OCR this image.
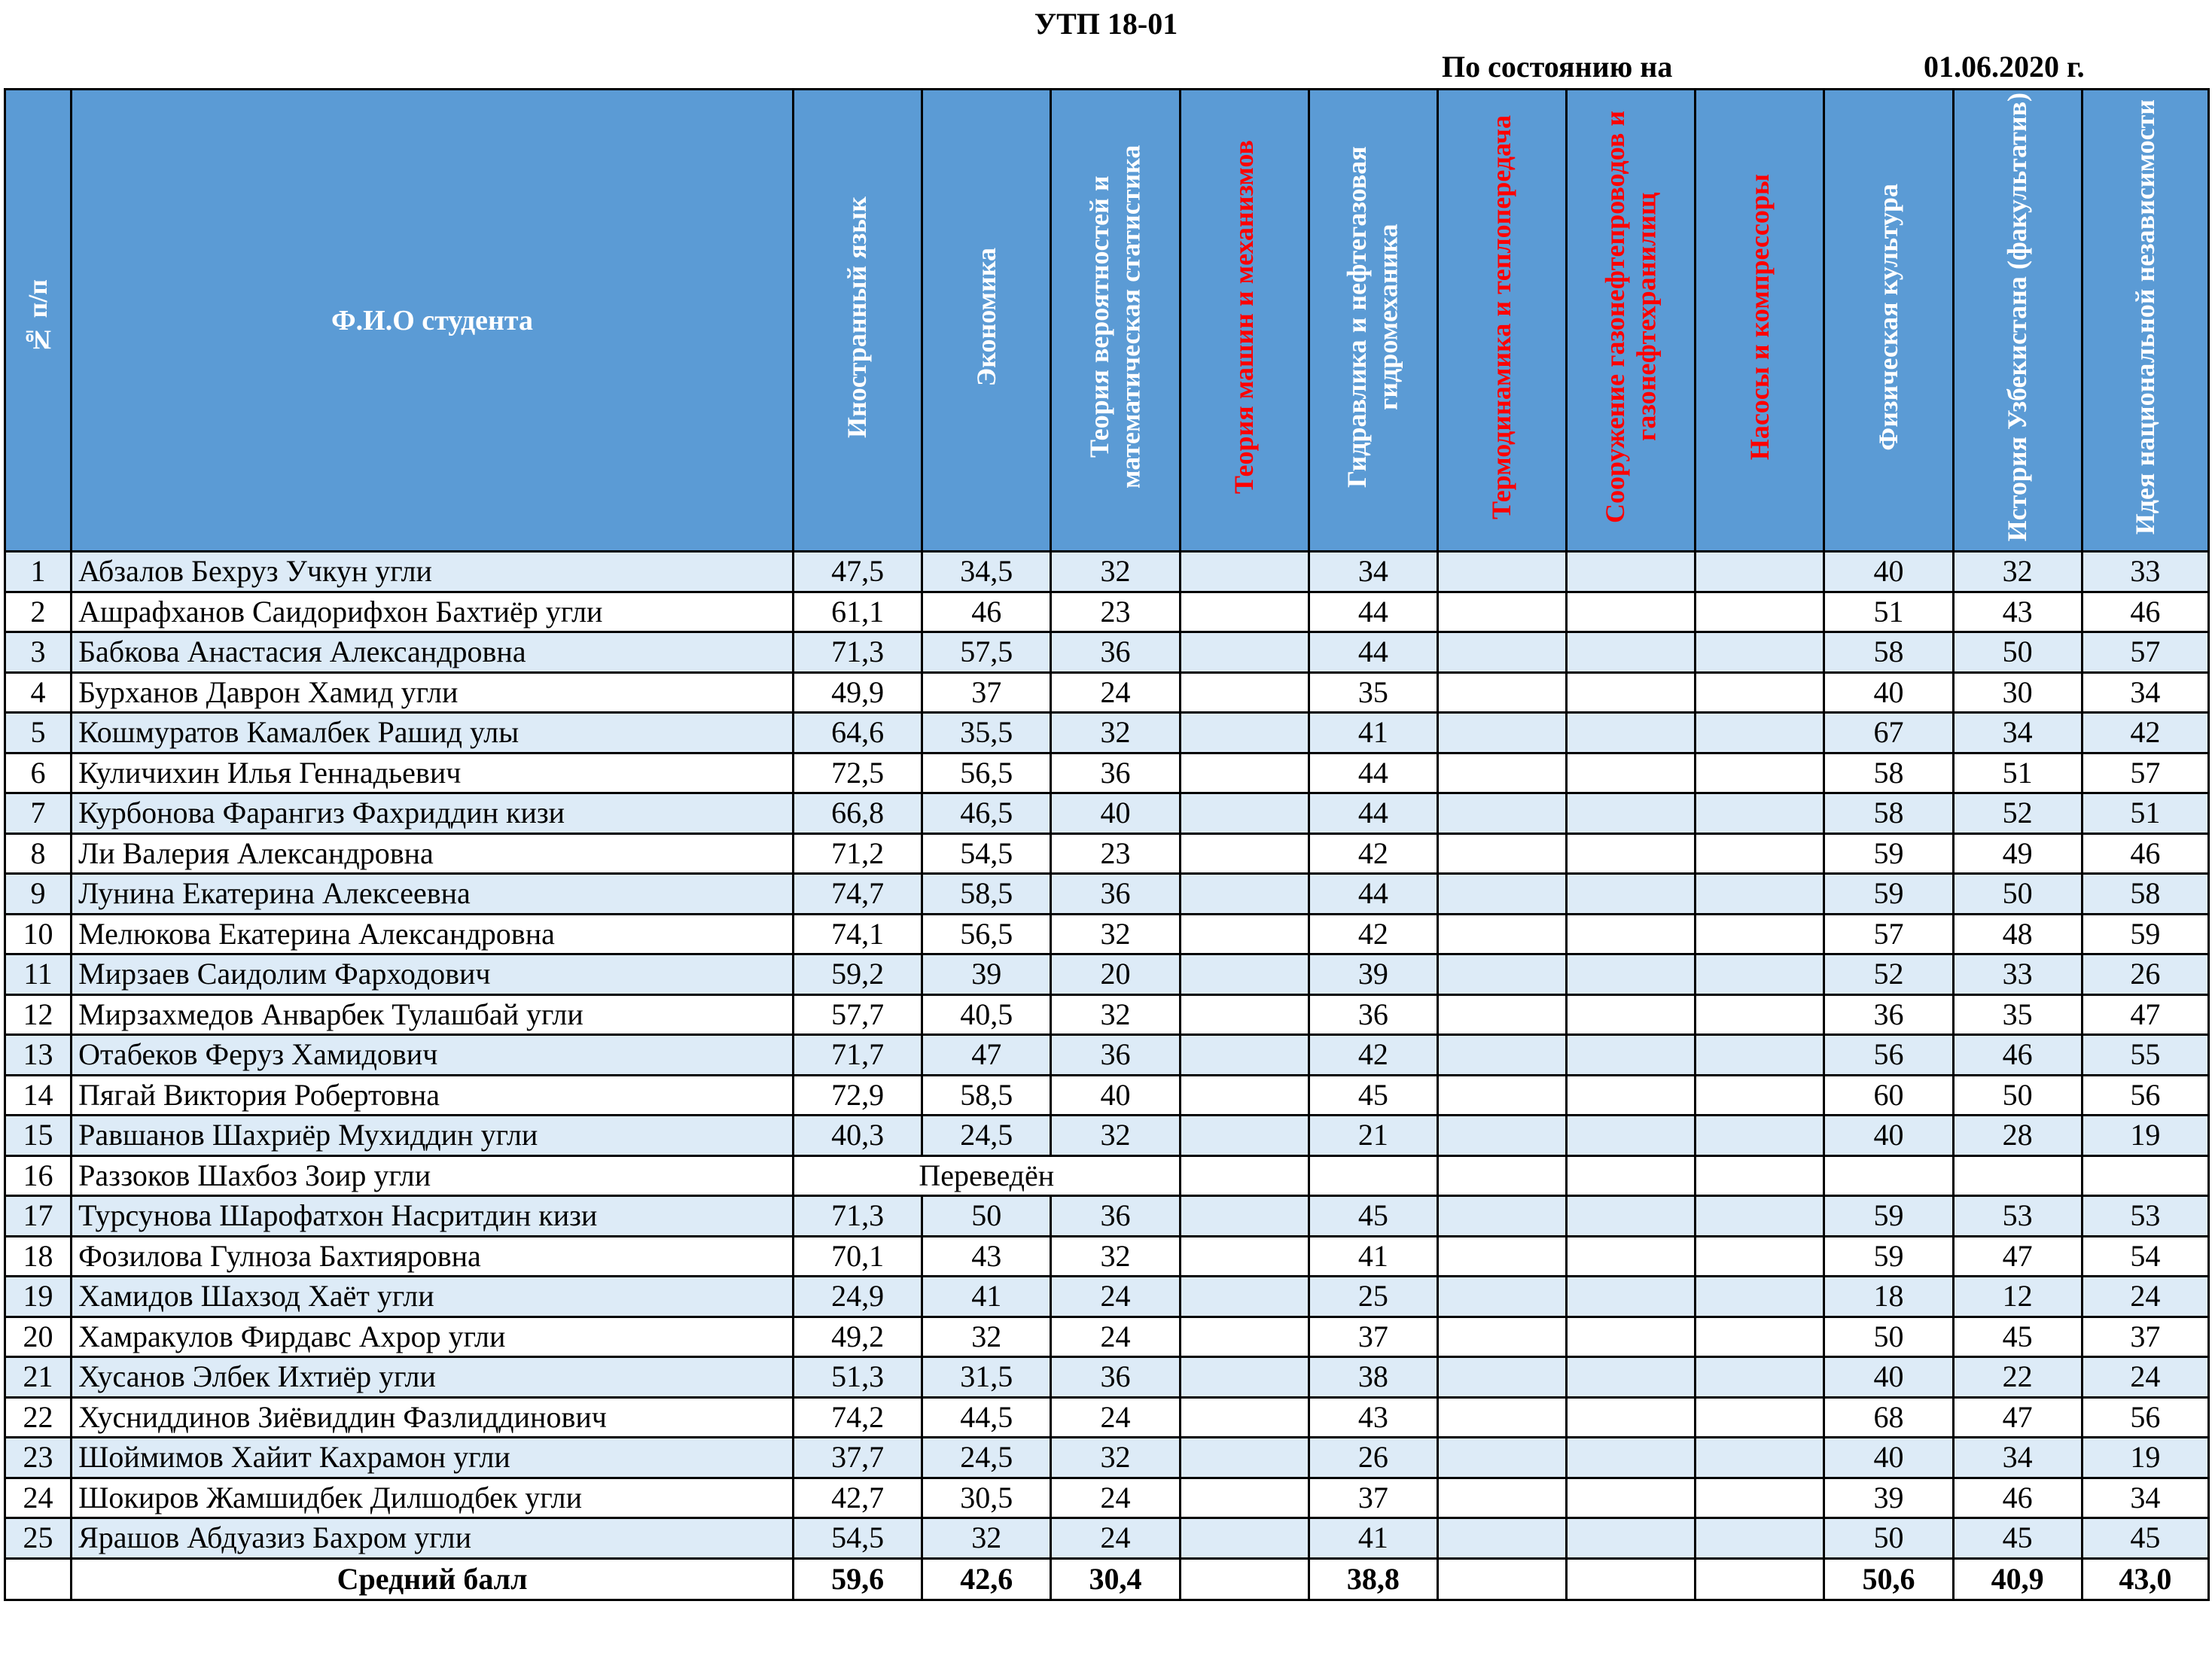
УТП 18-01
По состоянию на	01.06.2020 г.
№ п/п	Ф.И.О студента	Иностранный язык	Экономика	Теория вероятностей и математическая статистика	Теория машин и механизмов	Гидравлика и нефтегазовая гидромеханика	Термодинамика и теплопередача	Сооружение газонефтепроводов и газонефтехранилищ	Насосы и компрессоры	Физическая культура	История Узбекистана (факультатив)	Идея национальной независимости
1	Абзалов Бехруз Учкун угли	47,5	34,5	32		34				40	32	33
2	Ашрафханов Саидорифхон Бахтиёр угли	61,1	46	23		44				51	43	46
3	Бабкова Анастасия Александровна	71,3	57,5	36		44				58	50	57
4	Бурханов Даврон Хамид угли	49,9	37	24		35				40	30	34
5	Кошмуратов Камалбек Рашид улы	64,6	35,5	32		41				67	34	42
6	Куличихин Илья Геннадьевич	72,5	56,5	36		44				58	51	57
7	Курбонова Фарангиз Фахриддин кизи	66,8	46,5	40		44				58	52	51
8	Ли Валерия Александровна	71,2	54,5	23		42				59	49	46
9	Лунина Екатерина Алексеевна	74,7	58,5	36		44				59	50	58
10	Мелюкова Екатерина Александровна	74,1	56,5	32		42				57	48	59
11	Мирзаев Саидолим Фарходович	59,2	39	20		39				52	33	26
12	Мирзахмедов Анварбек Тулашбай угли	57,7	40,5	32		36				36	35	47
13	Отабеков Феруз Хамидович	71,7	47	36		42				56	46	55
14	Пягай Виктория Робертовна	72,9	58,5	40		45				60	50	56
15	Равшанов Шахриёр Мухиддин угли	40,3	24,5	32		21				40	28	19
16	Раззоков Шахбоз Зоир угли	Переведён										
17	Турсунова Шарофатхон Насритдин кизи	71,3	50	36		45				59	53	53
18	Фозилова Гулноза Бахтияровна	70,1	43	32		41				59	47	54
19	Хамидов Шахзод Хаёт угли	24,9	41	24		25				18	12	24
20	Хамракулов Фирдавс Ахрор угли	49,2	32	24		37				50	45	37
21	Хусанов Элбек Ихтиёр угли	51,3	31,5	36		38				40	22	24
22	Хусниддинов Зиёвиддин Фазлиддинович	74,2	44,5	24		43				68	47	56
23	Шоймимов Хайит Кахрамон угли	37,7	24,5	32		26				40	34	19
24	Шокиров Жамшидбек Дилшодбек угли	42,7	30,5	24		37				39	46	34
25	Ярашов Абдуазиз Бахром угли	54,5	32	24		41				50	45	45
	Средний балл	59,6	42,6	30,4		38,8				50,6	40,9	43,0
